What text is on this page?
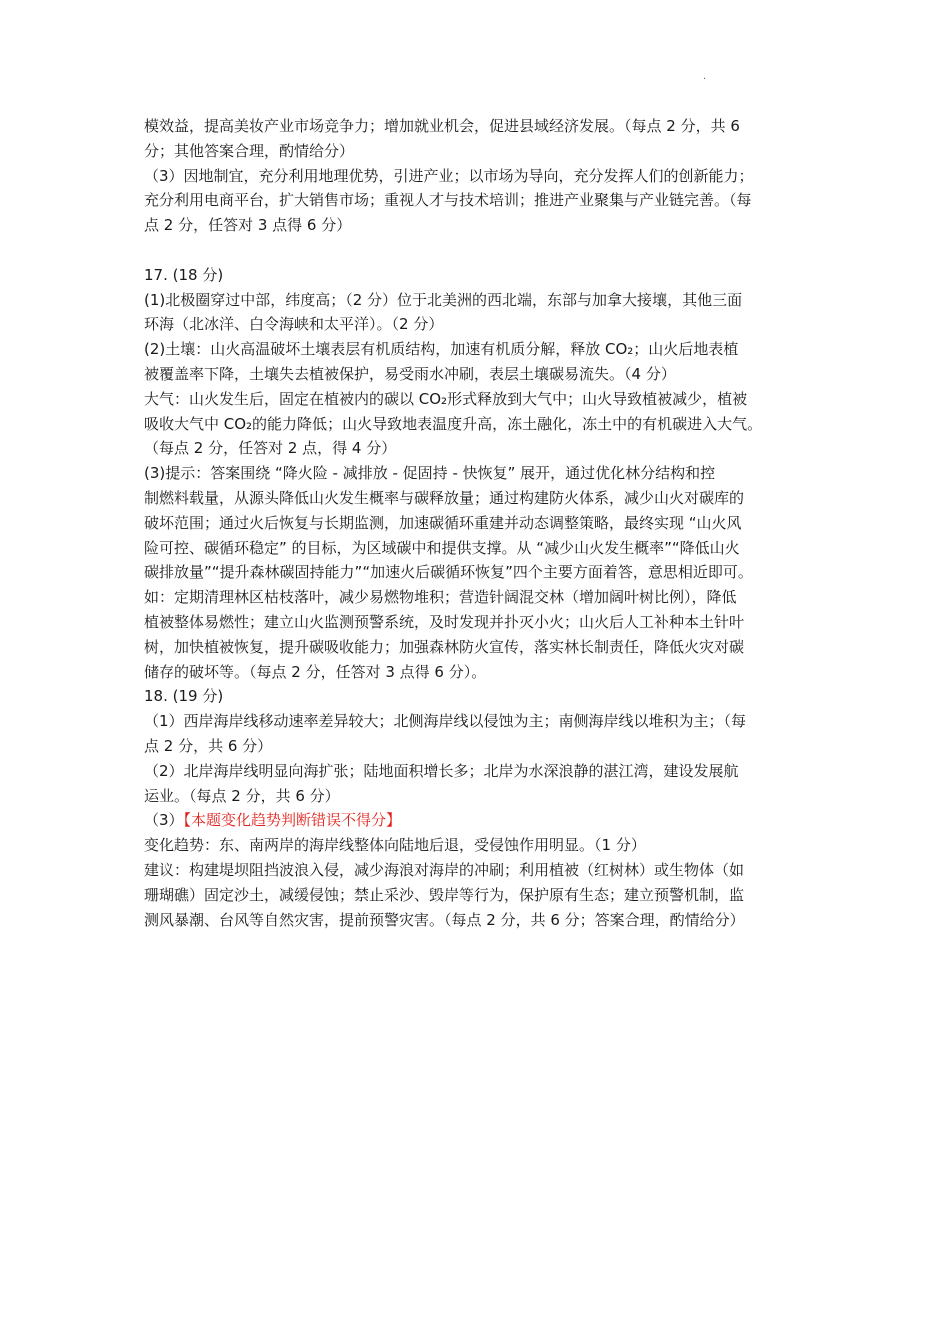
.
模效益，提高美妆产业市场竞争力；增加就业机会，促进县域经济发展。（每点 2 分，共 6
分；其他答案合理，酌情给分）
（3）因地制宜，充分利用地理优势，引进产业；以市场为导向，充分发挥人们的创新能力；
充分利用电商平台，扩大销售市场；重视人才与技术培训；推进产业聚集与产业链完善。（每
点 2 分，任答对 3 点得 6 分）
17. (18 分)
(1)北极圈穿过中部，纬度高；（2 分）位于北美洲的西北端，东部与加拿大接壤，其他三面
环海（北冰洋、白令海峡和太平洋）。（2 分）
(2)土壤：山火高温破坏土壤表层有机质结构，加速有机质分解，释放 CO₂；山火后地表植
被覆盖率下降，土壤失去植被保护，易受雨水冲刷，表层土壤碳易流失。（4 分）
大气：山火发生后，固定在植被内的碳以 CO₂形式释放到大气中；山火导致植被减少，植被
吸收大气中 CO₂的能力降低；山火导致地表温度升高，冻土融化，冻土中的有机碳进入大气。
（每点 2 分，任答对 2 点，得 4 分）
(3)提示：答案围绕 “降火险 - 减排放 - 促固持 - 快恢复” 展开，通过优化林分结构和控
制燃料载量，从源头降低山火发生概率与碳释放量；通过构建防火体系，减少山火对碳库的
破坏范围；通过火后恢复与长期监测，加速碳循环重建并动态调整策略，最终实现 “山火风
险可控、碳循环稳定” 的目标，为区域碳中和提供支撑。从 “减少山火发生概率”“降低山火
碳排放量”“提升森林碳固持能力”“加速火后碳循环恢复”四个主要方面着答，意思相近即可。
如：定期清理林区枯枝落叶，减少易燃物堆积；营造针阔混交林（增加阔叶树比例），降低
植被整体易燃性；建立山火监测预警系统，及时发现并扑灭小火；山火后人工补种本土针叶
树，加快植被恢复，提升碳吸收能力；加强森林防火宣传，落实林长制责任，降低火灾对碳
储存的破坏等。（每点 2 分，任答对 3 点得 6 分）。
18. (19 分)
（1）西岸海岸线移动速率差异较大；北侧海岸线以侵蚀为主；南侧海岸线以堆积为主；（每
点 2 分，共 6 分）
（2）北岸海岸线明显向海扩张；陆地面积增长多；北岸为水深浪静的湛江湾，建设发展航
运业。（每点 2 分，共 6 分）
（3）【本题变化趋势判断错误不得分】
变化趋势：东、南两岸的海岸线整体向陆地后退，受侵蚀作用明显。（1 分）
建议：构建堤坝阻挡波浪入侵，减少海浪对海岸的冲刷；利用植被（红树林）或生物体（如
珊瑚礁）固定沙土，减缓侵蚀；禁止采沙、毁岸等行为，保护原有生态；建立预警机制，监
测风暴潮、台风等自然灾害，提前预警灾害。（每点 2 分，共 6 分；答案合理，酌情给分）
